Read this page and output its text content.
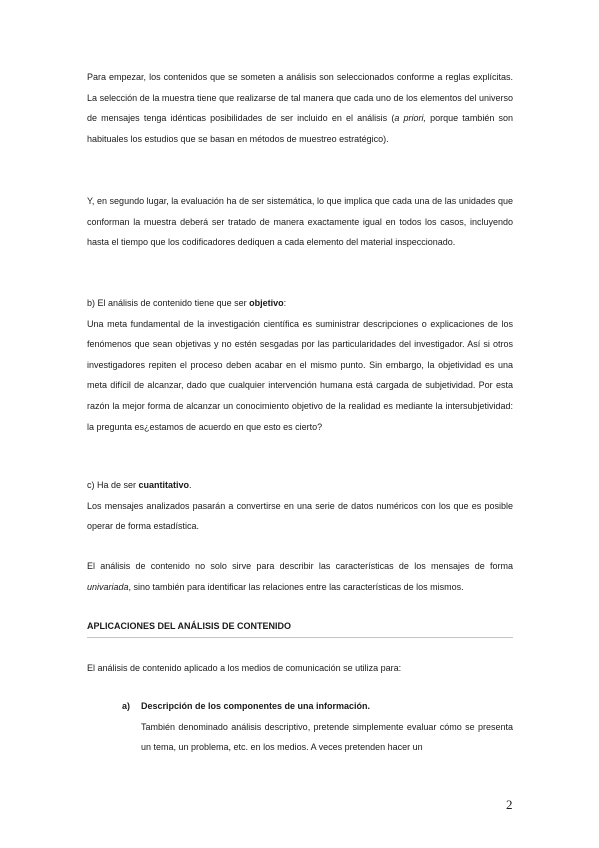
Para empezar, los contenidos que se someten a análisis son seleccionados conforme a reglas explícitas. La selección de la muestra tiene que realizarse de tal manera que cada uno de los elementos del universo de mensajes tenga idénticas posibilidades de ser incluido en el análisis (a priori, porque también son habituales los estudios que se basan en métodos de muestreo estratégico).

Y, en segundo lugar, la evaluación ha de ser sistemática, lo que implica que cada una de las unidades que conforman la muestra deberá ser tratado de manera exactamente igual en todos los casos, incluyendo hasta el tiempo que los codificadores dediquen a cada elemento del material inspeccionado.

b) El análisis de contenido tiene que ser objetivo:
Una meta fundamental de la investigación científica es suministrar descripciones o explicaciones de los fenómenos que sean objetivas y no estén sesgadas por las particularidades del investigador. Así si otros investigadores repiten el proceso deben acabar en el mismo punto. Sin embargo, la objetividad es una meta difícil de alcanzar, dado que cualquier intervención humana está cargada de subjetividad. Por esta razón la mejor forma de alcanzar un conocimiento objetivo de la realidad es mediante la intersubjetividad: la pregunta es¿estamos de acuerdo en que esto es cierto?

c) Ha de ser cuantitativo.
Los mensajes analizados pasarán a convertirse en una serie de datos numéricos con los que es posible operar de forma estadística.

El análisis de contenido no solo sirve para describir las características de los mensajes de forma univariada, sino también para identificar las relaciones entre las características de los mismos.

APLICACIONES DEL ANÁLISIS DE CONTENIDO

El análisis de contenido aplicado a los medios de comunicación se utiliza para:

a) Descripción de los componentes de una información.
También denominado análisis descriptivo, pretende simplemente evaluar cómo se presenta un tema, un problema, etc. en los medios. A veces pretenden hacer un
2
